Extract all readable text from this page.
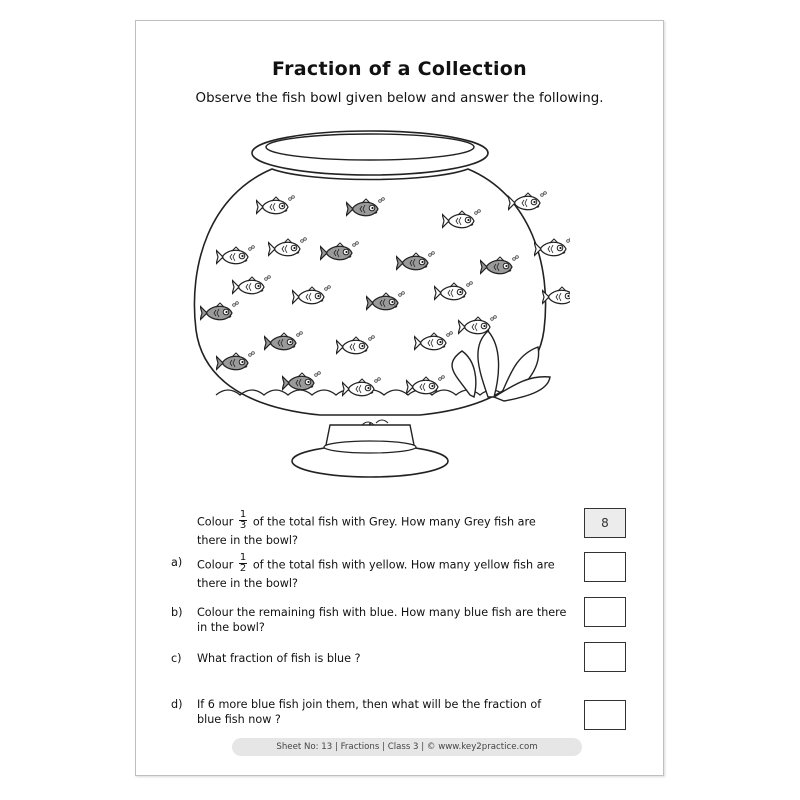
Fraction of a Collection
Observe the fish bowl given below and answer the following.
Colour $\frac{1}{3}$ of the total fish with Grey. How many Grey fish are
there in the bowl?
8
a) Colour $\frac{1}{2}$ of the total fish with yellow. How many yellow fish are
there in the bowl?
b) Colour the remaining fish with blue. How many blue fish are there
in the bowl?
c) What fraction of fish is blue ?
d) If 6 more blue fish join them, then what will be the fraction of
blue fish now ?
Sheet No: 13 | Fractions | Class 3 | © www.key2practice.com
